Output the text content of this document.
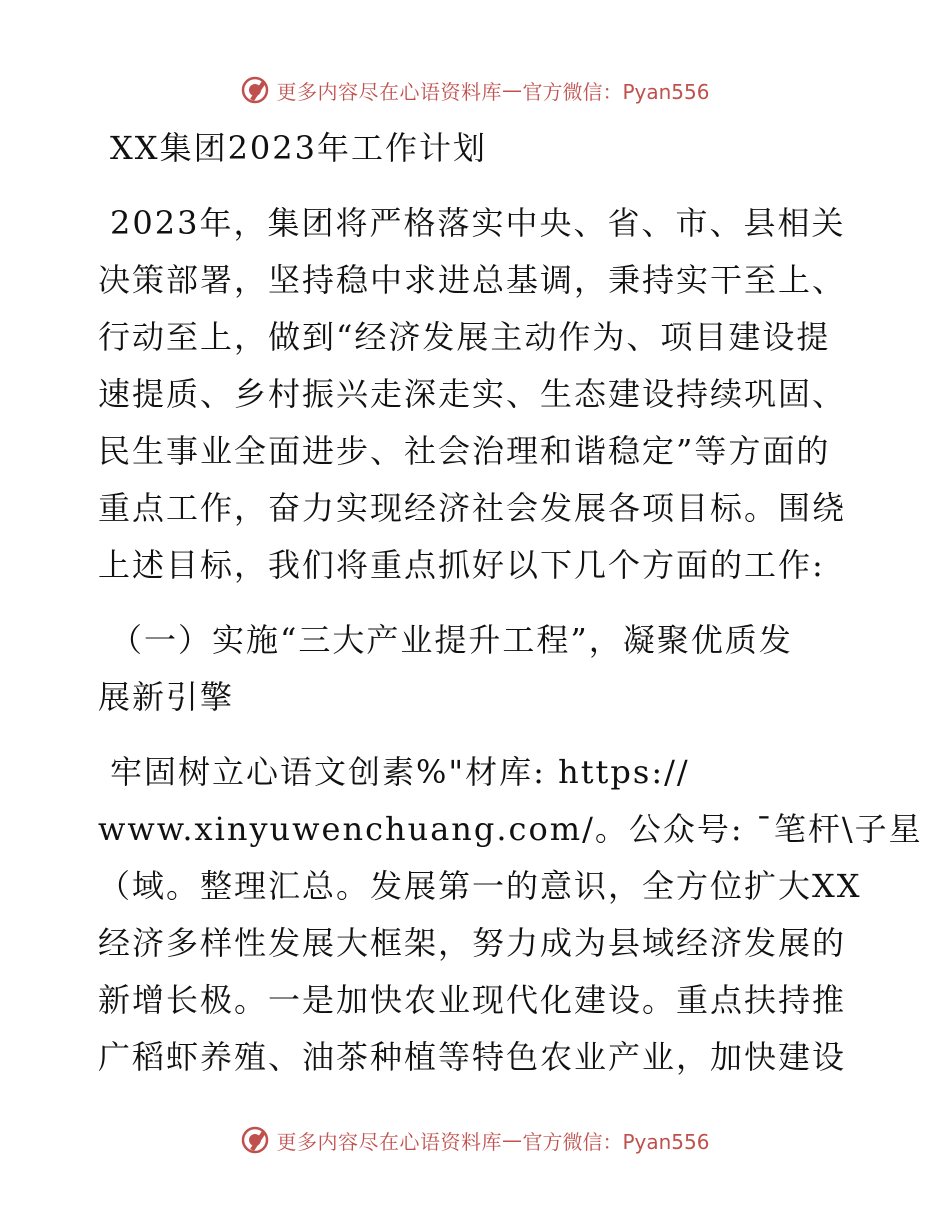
更多内容尽在心语资料库 — 官方微信：Pyan556
XX集团2023年工作计划
2023年，集团将严格落实中央、省、市、县相关
决策部署，坚持稳中求进总基调，秉持实干至上、
行动至上，做到“经济发展主动作为、项目建设提
速提质、乡村振兴走深走实、生态建设持续巩固、
民生事业全面进步、社会治理和谐稳定”等方面的
重点工作，奋力实现经济社会发展各项目标。围绕
上述目标，我们将重点抓好以下几个方面的工作:
（一）实施“三大产业提升工程”，凝聚优质发
展新引擎
牢固树立心语文创素%"材库: https://
www.xinyuwenchuang.com/。公众号: ¯笔杆\子星
（域。整理汇总。发展第一的意识，全方位扩大XX
经济多样性发展大框架，努力成为县域经济发展的
新增长极。一是加快农业现代化建设。重点扶持推
广稻虾养殖、油茶种植等特色农业产业，加快建设
更多内容尽在心语资料库 — 官方微信：Pyan556
